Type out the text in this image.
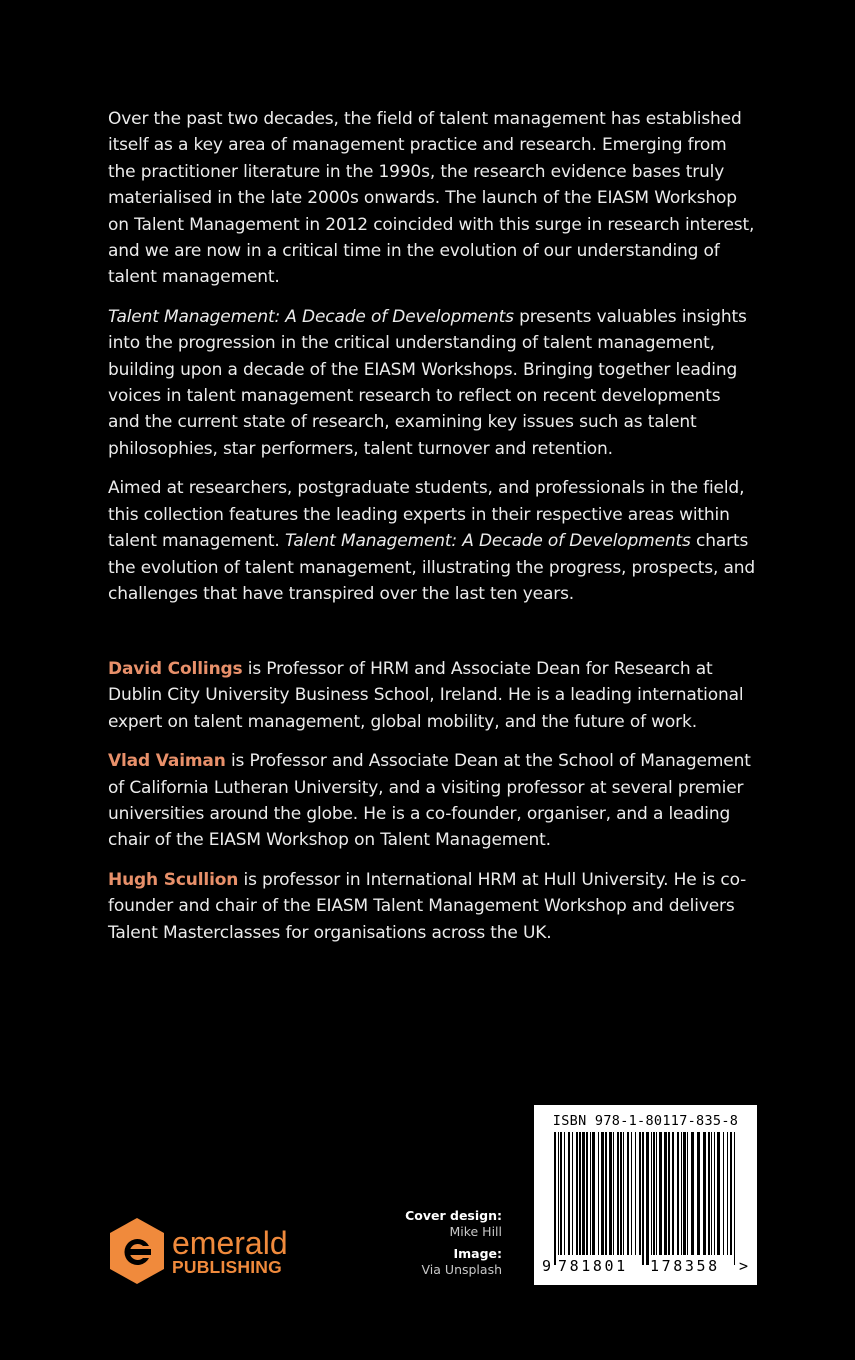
Over the past two decades, the field of talent management has established itself as a key area of management practice and research. Emerging from the practitioner literature in the 1990s, the research evidence bases truly materialised in the late 2000s onwards. The launch of the EIASM Workshop on Talent Management in 2012 coincided with this surge in research interest, and we are now in a critical time in the evolution of our understanding of talent management.

Talent Management: A Decade of Developments presents valuables insights into the progression in the critical understanding of talent management, building upon a decade of the EIASM Workshops. Bringing together leading voices in talent management research to reflect on recent developments and the current state of research, examining key issues such as talent philosophies, star performers, talent turnover and retention.

Aimed at researchers, postgraduate students, and professionals in the field, this collection features the leading experts in their respective areas within talent management. Talent Management: A Decade of Developments charts the evolution of talent management, illustrating the progress, prospects, and challenges that have transpired over the last ten years.

David Collings is Professor of HRM and Associate Dean for Research at Dublin City University Business School, Ireland. He is a leading international expert on talent management, global mobility, and the future of work.

Vlad Vaiman is Professor and Associate Dean at the School of Management of California Lutheran University, and a visiting professor at several premier universities around the globe. He is a co-founder, organiser, and a leading chair of the EIASM Workshop on Talent Management.

Hugh Scullion is professor in International HRM at Hull University. He is co-founder and chair of the EIASM Talent Management Workshop and delivers Talent Masterclasses for organisations across the UK.

emerald
PUBLISHING
Cover design:
Mike Hill
Image:
Via Unsplash
ISBN 978-1-80117-835-8
9 781801 178358 >
